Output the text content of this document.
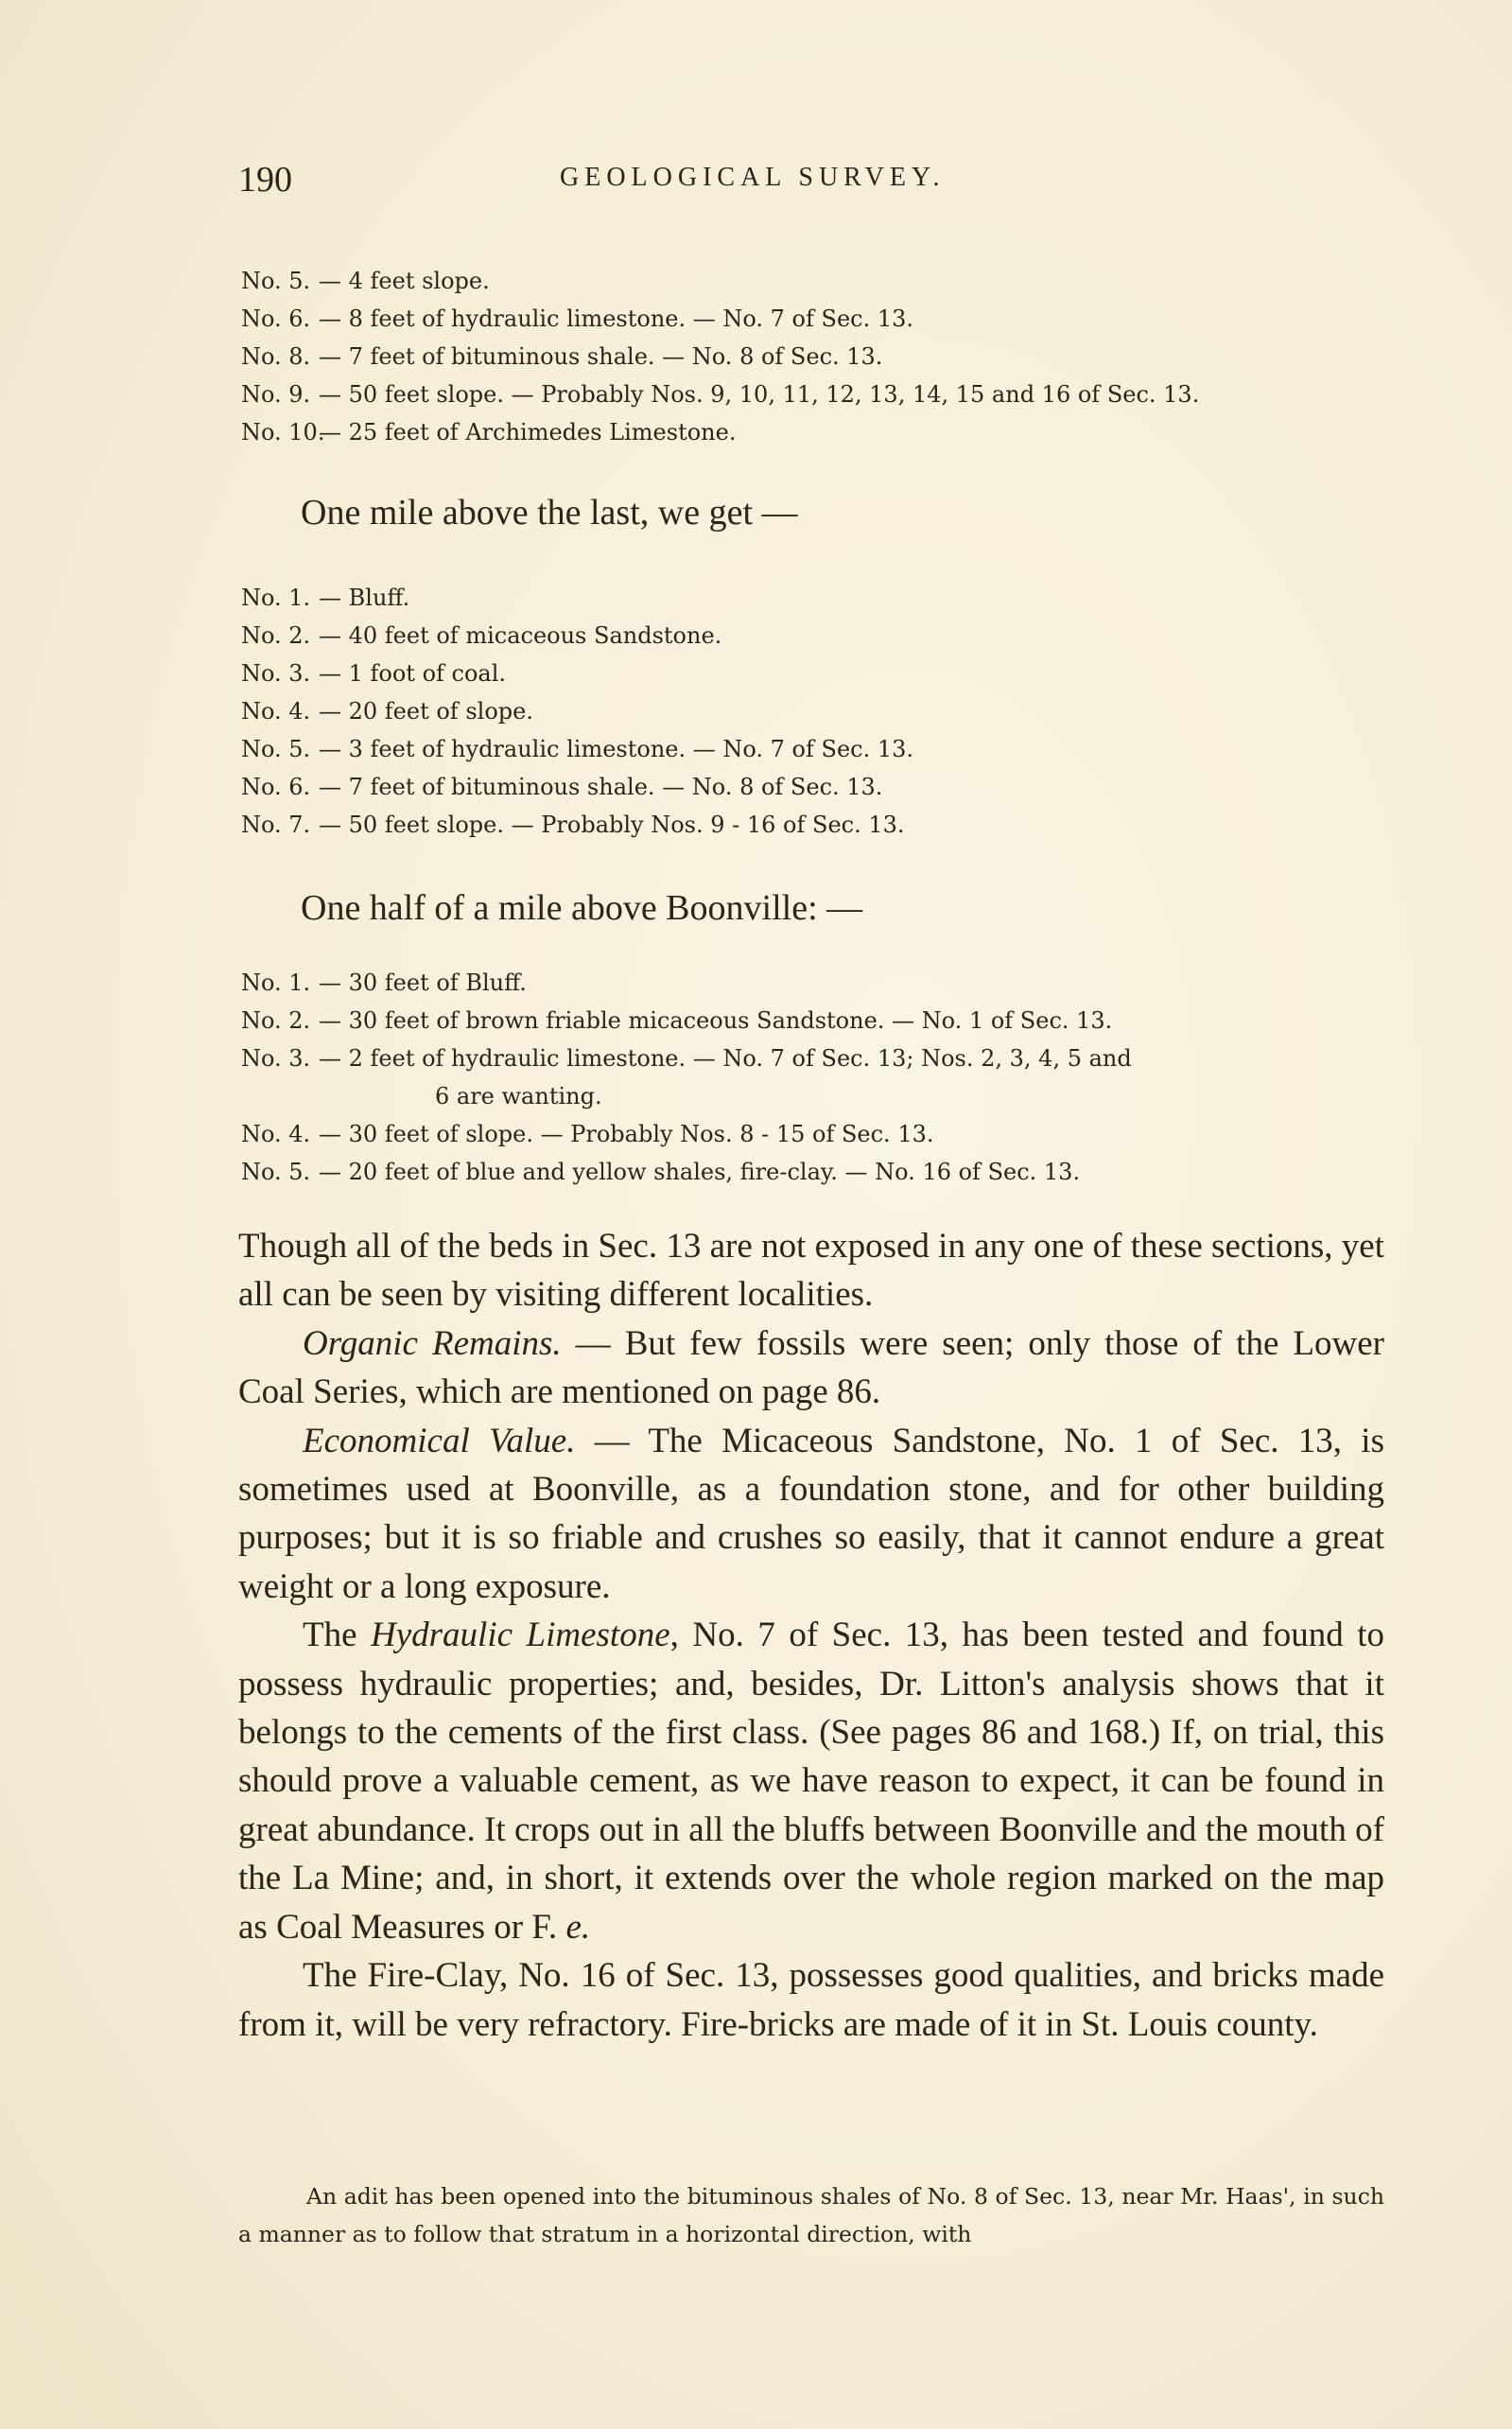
190	GEOLOGICAL SURVEY.
No. 5. — 4 feet slope.
No. 6. — 8 feet of hydraulic limestone. — No. 7 of Sec. 13.
No. 8. — 7 feet of bituminous shale. — No. 8 of Sec. 13.
No. 9. — 50 feet slope. — Probably Nos. 9, 10, 11, 12, 13, 14, 15 and 16 of Sec. 13.
No. 10.
— 25 feet of Archimedes Limestone.
One mile above the last, we get —
No. 1. — Bluff.
No. 2. — 40 feet of micaceous Sandstone.
No. 3. — 1 foot of coal.
No. 4. — 20 feet of slope.
No. 5. — 3 feet of hydraulic limestone. — No. 7 of Sec. 13.
No. 6. — 7 feet of bituminous shale. — No. 8 of Sec. 13.
No. 7. — 50 feet slope. — Probably Nos. 9 - 16 of Sec. 13.
One half of a mile above Boonville: —
No. 1. — 30 feet of Bluff.
No. 2. — 30 feet of brown friable micaceous Sandstone. — No. 1 of Sec. 13.
No. 3. — 2 feet of hydraulic limestone. — No. 7 of Sec. 13; Nos. 2, 3, 4, 5 and
6 are wanting.
No. 4. — 30 feet of slope. — Probably Nos. 8 - 15 of Sec. 13.
No. 5. — 20 feet of blue and yellow shales, fire-clay. — No. 16 of Sec. 13.

Though all of the beds in Sec. 13 are not exposed in any one of these sections, yet all can be seen by visiting different localities.

Organic Remains. — But few fossils were seen; only those of the Lower Coal Series, which are mentioned on page 86.

Economical Value. — The Micaceous Sandstone, No. 1 of Sec. 13, is sometimes used at Boonville, as a foundation stone, and for other building purposes; but it is so friable and crushes so easily, that it cannot endure a great weight or a long exposure.

The Hydraulic Limestone, No. 7 of Sec. 13, has been tested and found to possess hydraulic properties; and, besides, Dr. Litton's analysis shows that it belongs to the cements of the first class. (See pages 86 and 168.) If, on trial, this should prove a valuable cement, as we have reason to expect, it can be found in great abundance. It crops out in all the bluffs between Boonville and the mouth of the La Mine; and, in short, it extends over the whole region marked on the map as Coal Measures or F. e.

The Fire-Clay, No. 16 of Sec. 13, possesses good qualities, and bricks made from it, will be very refractory. Fire-bricks are made of it in St. Louis county.

An adit has been opened into the bituminous shales of No. 8 of Sec. 13, near Mr. Haas', in such a manner as to follow that stratum in a horizontal direction, with
